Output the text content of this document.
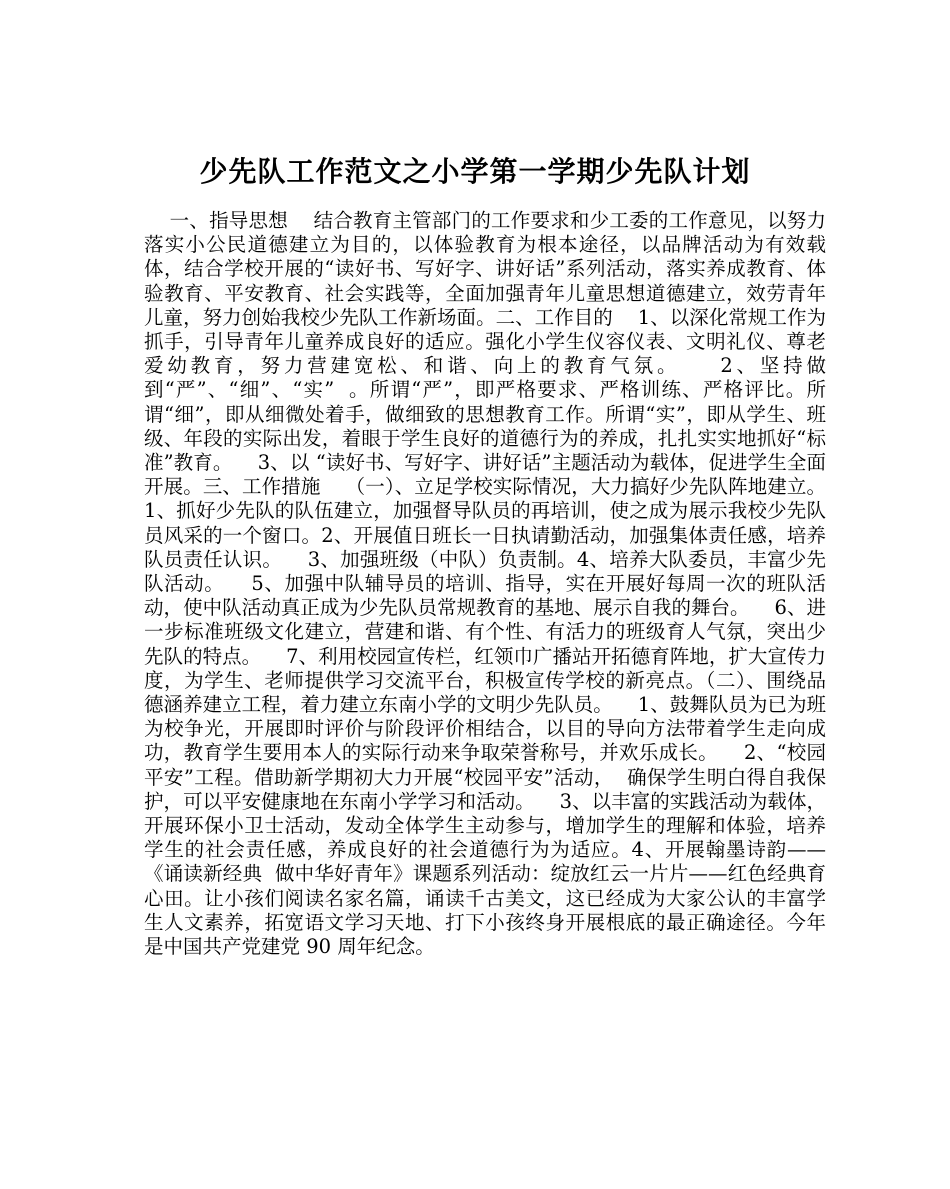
少先队工作范文之小学第一学期少先队计划

一、指导思想    结合教育主管部门的工作要求和少工委的工作意见，以努力落实小公民道德建立为目的，以体验教育为根本途径，以品牌活动为有效载体，结合学校开展的“读好书、写好字、讲好话”系列活动，落实养成教育、体验教育、平安教育、社会实践等，全面加强青年儿童思想道德建立，效劳青年儿童，努力创始我校少先队工作新场面。二、工作目的    1、以深化常规工作为抓手，引导青年儿童养成良好的适应。强化小学生仪容仪表、文明礼仪、尊老爱幼教育，努力营建宽松、和谐、向上的教育气氛。    2、坚持做到“严”、“细”、“实”  。所谓“严”，即严格要求、严格训练、严格评比。所谓“细”，即从细微处着手，做细致的思想教育工作。所谓“实”，即从学生、班级、年段的实际出发，着眼于学生良好的道德行为的养成，扎扎实实地抓好“标准”教育。    3、以 “读好书、写好字、讲好话”主题活动为载体，促进学生全面开展。三、工作措施    （一）、立足学校实际情况，大力搞好少先队阵地建立。1、抓好少先队的队伍建立，加强督导队员的再培训，使之成为展示我校少先队员风采的一个窗口。2、开展值日班长一日执请勤活动，加强集体责任感，培养队员责任认识。    3、加强班级（中队）负责制。4、培养大队委员，丰富少先队活动。    5、加强中队辅导员的培训、指导，实在开展好每周一次的班队活动，使中队活动真正成为少先队员常规教育的基地、展示自我的舞台。    6、进一步标准班级文化建立，营建和谐、有个性、有活力的班级育人气氛，突出少先队的特点。    7、利用校园宣传栏，红领巾广播站开拓德育阵地，扩大宣传力度，为学生、老师提供学习交流平台，积极宣传学校的新亮点。（二）、围绕品德涵养建立工程，着力建立东南小学的文明少先队员。    1、鼓舞队员为已为班为校争光，开展即时评价与阶段评价相结合，以目的导向方法带着学生走向成功，教育学生要用本人的实际行动来争取荣誉称号，并欢乐成长。    2、“校园平安”工程。借助新学期初大力开展“校园平安”活动，  确保学生明白得自我保护，可以平安健康地在东南小学学习和活动。    3、以丰富的实践活动为载体，开展环保小卫士活动，发动全体学生主动参与，增加学生的理解和体验，培养学生的社会责任感，养成良好的社会道德行为为适应。4、开展翰墨诗韵——《诵读新经典  做中华好青年》课题系列活动：绽放红云一片片——红色经典育心田。让小孩们阅读名家名篇，诵读千古美文，这已经成为大家公认的丰富学生人文素养，拓宽语文学习天地、打下小孩终身开展根底的最正确途径。今年是中国共产党建党 90 周年纪念。
